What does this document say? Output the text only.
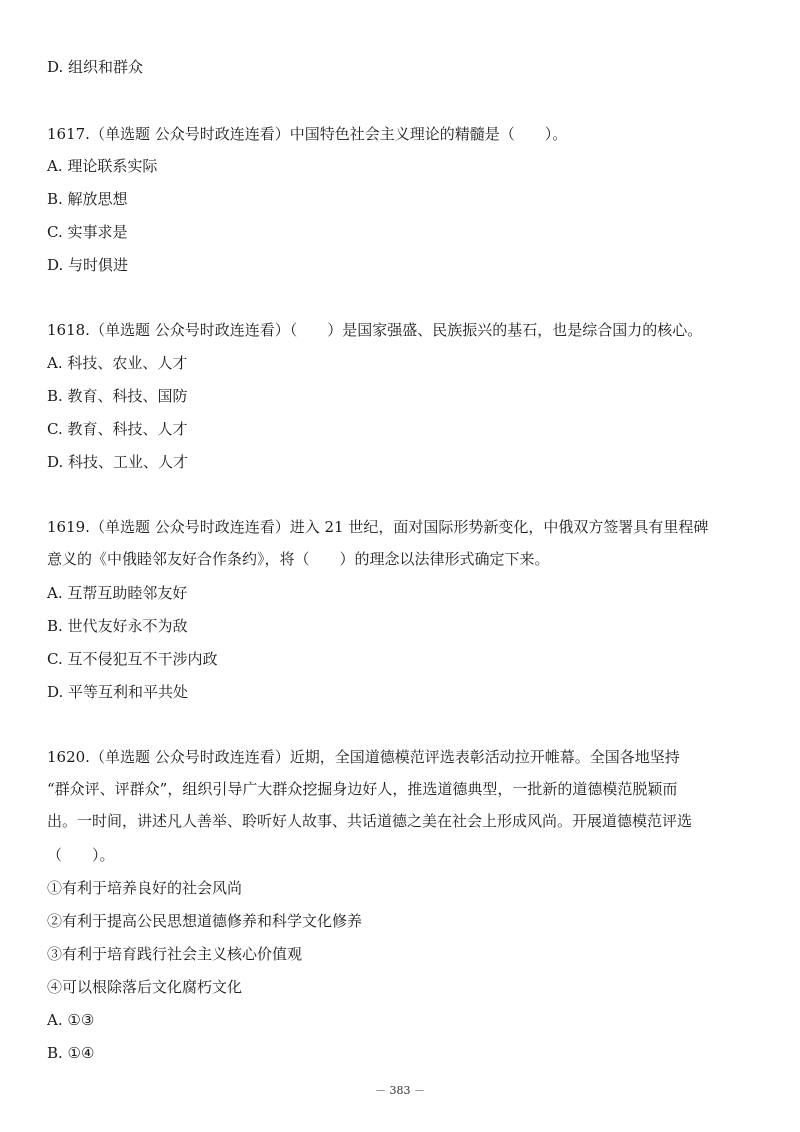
D. 组织和群众
1617.（单选题 公众号时政连连看）中国特色社会主义理论的精髓是（　　）。
A. 理论联系实际
B. 解放思想
C. 实事求是
D. 与时俱进
1618.（单选题 公众号时政连连看）（　　）是国家强盛、民族振兴的基石，也是综合国力的核心。
A. 科技、农业、人才
B. 教育、科技、国防
C. 教育、科技、人才
D. 科技、工业、人才
1619.（单选题 公众号时政连连看）进入 21 世纪，面对国际形势新变化，中俄双方签署具有里程碑
意义的《中俄睦邻友好合作条约》，将（　　）的理念以法律形式确定下来。
A. 互帮互助睦邻友好
B. 世代友好永不为敌
C. 互不侵犯互不干涉内政
D. 平等互利和平共处
1620.（单选题 公众号时政连连看）近期，全国道德模范评选表彰活动拉开帷幕。全国各地坚持
“群众评、评群众”，组织引导广大群众挖掘身边好人，推选道德典型，一批新的道德模范脱颖而
出。一时间，讲述凡人善举、聆听好人故事、共话道德之美在社会上形成风尚。开展道德模范评选
（　　）。
①有利于培养良好的社会风尚
②有利于提高公民思想道德修养和科学文化修养
③有利于培育践行社会主义核心价值观
④可以根除落后文化腐朽文化
A. ①③
B. ①④
－ 383 －
